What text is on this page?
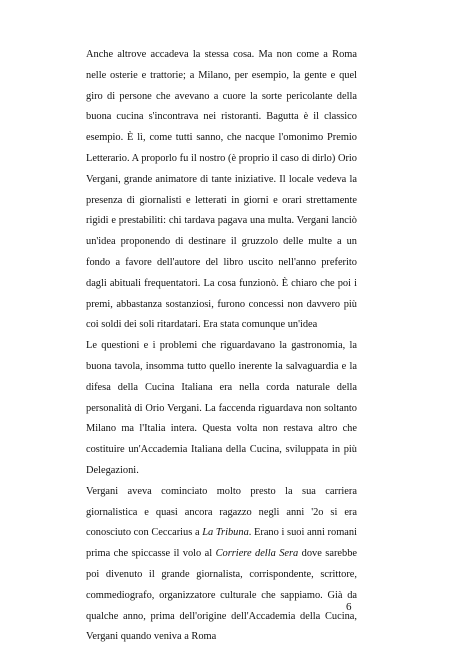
Anche altrove accadeva la stessa cosa. Ma non come a Roma nelle osterie e trattorie; a Milano, per esempio, la gente e quel giro di persone che avevano a cuore la sorte pericolante della buona cucina s'incontrava nei ristoranti. Bagutta è il classico esempio. È lì, come tutti sanno, che nacque l'omonimo Premio Letterario. A proporlo fu il nostro (è proprio il caso di dirlo) Orio Vergani, grande animatore di tante iniziative. Il locale vedeva la presenza di giornalisti e letterati in giorni e orari strettamente rigidi e prestabiliti: chi tardava pagava una multa. Vergani lanciò un'idea proponendo di destinare il gruzzolo delle multe a un fondo a favore dell'autore del libro uscito nell'anno preferito dagli abituali frequentatori. La cosa funzionò. È chiaro che poi i premi, abbastanza sostanziosi, furono concessi non davvero più coi soldi dei soli ritardatari. Era stata comunque un'idea

Le questioni e i problemi che riguardavano la gastronomia, la buona tavola, insomma tutto quello inerente la salvaguardia e la difesa della Cucina Italiana era nella corda naturale della personalità di Orio Vergani. La faccenda riguardava non soltanto Milano ma l'Italia intera. Questa volta non restava altro che costituire un'Accademia Italiana della Cucina, sviluppata in più Delegazioni.

Vergani aveva cominciato molto presto la sua carriera giornalistica e quasi ancora ragazzo negli anni '2o si era conosciuto con Ceccarius a La Tribuna. Erano i suoi anni romani prima che spiccasse il volo al Corriere della Sera dove sarebbe poi divenuto il grande giornalista, corrispondente, scrittore, commediografo, organizzatore culturale che sappiamo. Già da qualche anno, prima dell'origine dell'Accademia della Cucina, Vergani quando veniva a Roma

6
